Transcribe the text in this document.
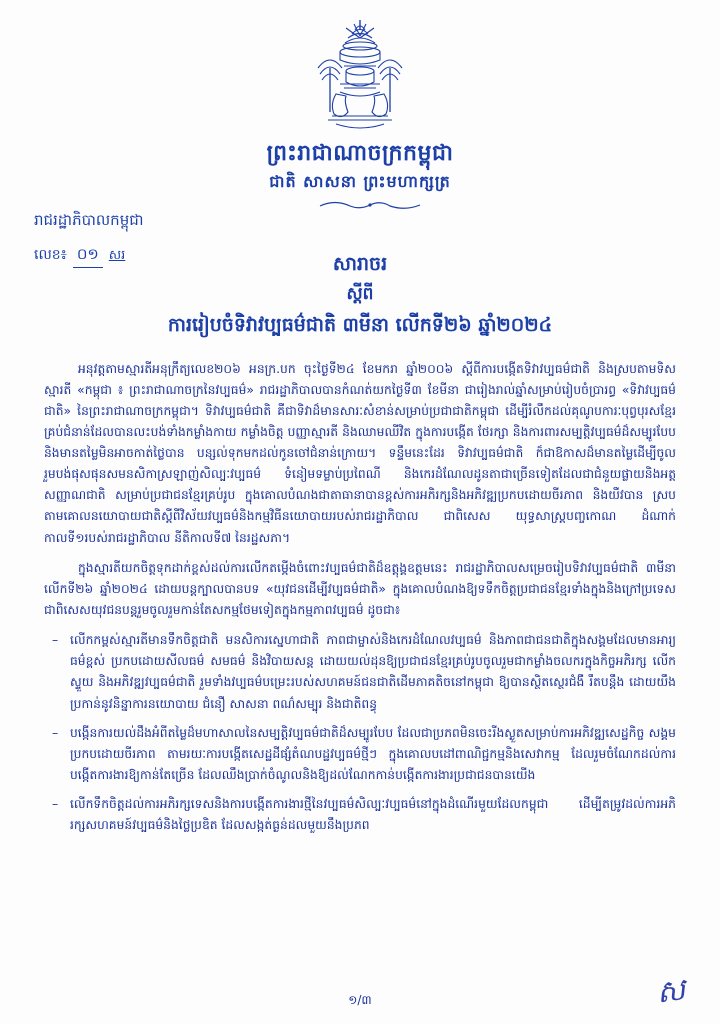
ព្រះរាជាណាចក្រកម្ពុជា
ជាតិ សាសនា ព្រះមហាក្សត្រ
រាជរដ្ឋាភិបាលកម្ពុជា
លេខ៖ ០១ សរ	សារាចរ
ស្ដីពី
ការរៀបចំទិវាវប្បធម៌ជាតិ ៣មីនា លើកទី២៦ ឆ្នាំ២០២៤

អនុវត្តតាមស្មារតីអនុក្រឹត្យលេខ២០៦ អនក្រ.បក ចុះថ្ងៃទី២៤ ខែមករា ឆ្នាំ២០០៦ ស្ដីពីការបង្កើតទិវាវប្បធម៌ជាតិ និងស្របតាមទិសស្មារតី «កម្ពុជា ៖ ព្រះរាជាណាចក្រនៃវប្បធម៌» រាជរដ្ឋាភិបាលបានកំណត់យកថ្ងៃទី៣ ខែមីនា ជារៀងរាល់ឆ្នាំសម្រាប់រៀបចំប្រារព្ធ «ទិវាវប្បធម៌ជាតិ» នៃព្រះរាជាណាចក្រកម្ពុជា។ ទិវាវប្បធម៌ជាតិ គឺជាទិវាដ៏មានសារៈសំខាន់សម្រាប់ប្រជាជាតិកម្ពុជា ដើម្បីរំលឹកដល់គុណូបការៈបុព្វបុរសខ្មែរគ្រប់ជំនាន់ដែលបានលះបង់ទាំងកម្លាំងកាយ កម្លាំងចិត្ត បញ្ញាស្មារតី និងឈាមឈីវិត ក្នុងការបង្កើត ថែរក្សា និងការពារសម្បត្តិវប្បធម៌ដ៏សម្បូរបែបនិងមានតម្លៃមិនអាចកាត់ថ្លៃបាន បន្សល់ទុកមកដល់កូនចៅជំនាន់ក្រោយ។ ទន្ទឹមនេះដែរ ទិវាវប្បធម៌ជាតិ ក៏ជាឱកាសដ៏មានតម្លៃដើម្បីចូលរួមបង់ផុសផុនសមនសិកាស្រឡាញ់សិល្បៈវប្បធម៌ ទំនៀមទម្លាប់ប្រពៃណី និងកេរដំណែលដូនតាជាច្រើនទៀតដែលជាជំនួយផ្លាយនិងអត្តសញ្ញាណជាតិ សម្រាប់ប្រជាជនខ្មែរគ្រប់រូប ក្នុងគោលបំណងជាតាធានាបានខ្ពស់ការអភិរក្សនិងអភិវឌ្ឍប្រកបដោយចីរភាព និងយឺវបាន ស្របតាមគោលនយោបាយជាតិស្ដីពីវិស័យវប្បធម៌និងកម្មវិធីនយោបាយរបស់រាជរដ្ឋាភិបាល ជាពិសេស យុទ្ធសាស្ត្របញ្ចកោណ ដំណាក់កាលទី១របស់រាជរដ្ឋាភិបាល នីតិកាលទី៧ នៃរដ្ឋសភា។

ក្នុងស្មារតីយកចិត្តទុកដាក់ខ្ពស់ដល់ការលើកតម្កើងចំពោះវប្បធម៌ជាតិដ៏ឧត្តុង្គឧត្តមនេះ រាជរដ្ឋាភិបាលសម្រេចរៀបទិវាវប្បធម៌ជាតិ ៣មីនា លើកទី២៦ ឆ្នាំ២០២៤ ដោយបន្តក្បាលបានបទ «យុវជនដើម្បីវប្បធម៌ជាតិ» ក្នុងគោលបំណងឱ្យទទឹកចិត្តប្រជាជនខ្មែរទាំងក្នុងនិងក្រៅប្រទេស ជាពិសេសយុវជនបន្តរួមចូលរួមកាន់តែសកម្មថែមទៀតក្នុងកម្មភាពវប្បធម៌ ដូចជា៖

– លើកកម្ពស់ស្មារតីមានទឹកចិត្តជាតិ មនសិការស្នេហាជាតិ ភាពជាម្ចាស់និងកេរដំណែលវប្បធម៌ និងភាពជាជនជាតិក្នុងសង្គមដែលមានអារ្យធម៌ខ្ពស់ ប្រកបដោយសីលធម៌ សមធម៌ និងវិបាយសន្ដ ដោយយល់ដុនឱ្យប្រជាជនខ្មែរគ្រប់រូបចូលរួមជាកម្លាំងចលករក្នុងកិច្ចអភិរក្ស លើកស្ទួយ និងអភិវឌ្ឍវប្បធម៌ជាតិ រួមទាំងវប្បធម៌បម្រេះរបស់សហគមន៍ជនជាតិដើមភាគតិចនៅកម្ពុជា ឱ្យបានស្ថិតស្ថេរជំងឺ រឹតបន្តឹង ដោយយឹងប្រកាន់នូវនិន្នាការនយោបាយ ជំនឿ សាសនា ពណ៌សម្បុរ និងជាតិពន្ធុ
– បង្កើនការយល់ដឹងអំពីតម្លៃដ៏មហាសាលនៃសម្បត្តិវប្បធម៌ជាតិដ៏សម្បូរបែប ដែលជាប្រភពមិនចេះរីងស្ងួតសម្រាប់ការអភិវឌ្ឍសេដ្ឋកិច្ច សង្គមប្រកបដោយចីរភាព តាមរយៈការបង្កើតសេដ្ឋដីផ្សំតំណបដ្ឋវប្បធម៌ថ្មីៗ ក្នុងគោលបដៅពាណិជ្ជកម្មនិងសេវាកម្ម ដែលរួមចំណែកដល់ការបង្កើតការងារឱ្យកាន់តែច្រើន ដែលឈឹងប្រាក់ចំណូលនិងឱ្យដល់ណែកកាន់បង្កើតការងារប្រជាជនបានយើង
– លើកទឹកចិត្តដល់ការអភិរក្សទេសនិងការបង្កើតការងារថ្មីនៃវប្បធម៌សិល្បៈវប្បធម៌នៅក្នុងដំណើរមួយដែលកម្ពុជា ដើម្បីតម្រូវដល់ការអភិរក្សសហគមន៍វប្បធម៌និងថ្លៃប្រឌិត ដែលសង្កត់ធ្ងន់ដលមួយនឹងប្រភព
១/៣	ស
